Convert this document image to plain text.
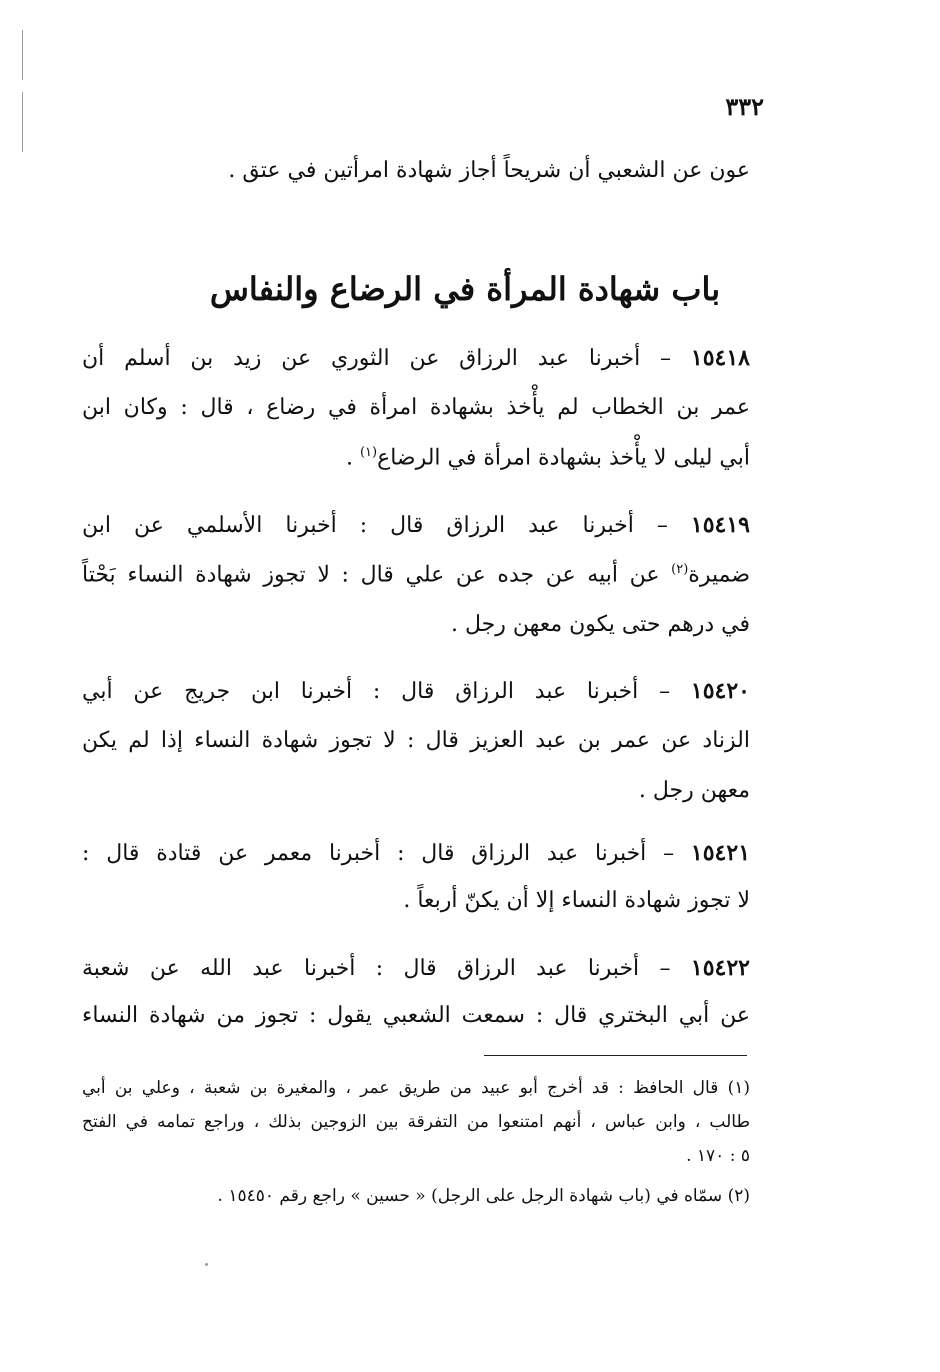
٣٣٢
عون عن الشعبي أن شريحاً أجاز شهادة امرأتين في عتق .
باب شهادة المرأة في الرضاع والنفاس
١٥٤١٨ – أخبرنا عبد الرزاق عن الثوري عن زيد بن أسلم أن
عمر بن الخطاب لم يأْخذ بشهادة امرأة في رضاع ، قال : وكان ابن
أبي ليلى لا يأْخذ بشهادة امرأة في الرضاع$^{(١)}$ .
١٥٤١٩ – أخبرنا عبد الرزاق قال : أخبرنا الأسلمي عن ابن
ضميرة$^{(٢)}$ عن أبيه عن جده عن علي قال : لا تجوز شهادة النساء بَحْتاً
في درهم حتى يكون معهن رجل .
١٥٤٢٠ – أخبرنا عبد الرزاق قال : أخبرنا ابن جريج عن أبي
الزناد عن عمر بن عبد العزيز قال : لا تجوز شهادة النساء إذا لم يكن
معهن رجل .
١٥٤٢١ – أخبرنا عبد الرزاق قال : أخبرنا معمر عن قتادة قال :
لا تجوز شهادة النساء إلا أن يكنّ أربعاً .
١٥٤٢٢ – أخبرنا عبد الرزاق قال : أخبرنا عبد الله عن شعبة
عن أبي البختري قال : سمعت الشعبي يقول : تجوز من شهادة النساء
(١) قال الحافظ : قد أخرج أبو عبيد من طريق عمر ، والمغيرة بن شعبة ، وعلي بن أبي
طالب ، وابن عباس ، أنهم امتنعوا من التفرقة بين الزوجين بذلك ، وراجع تمامه في الفتح
٥ : ١٧٠ .
(٢) سمّاه في (باب شهادة الرجل على الرجل) « حسين » راجع رقم ١٥٤٥٠ .
